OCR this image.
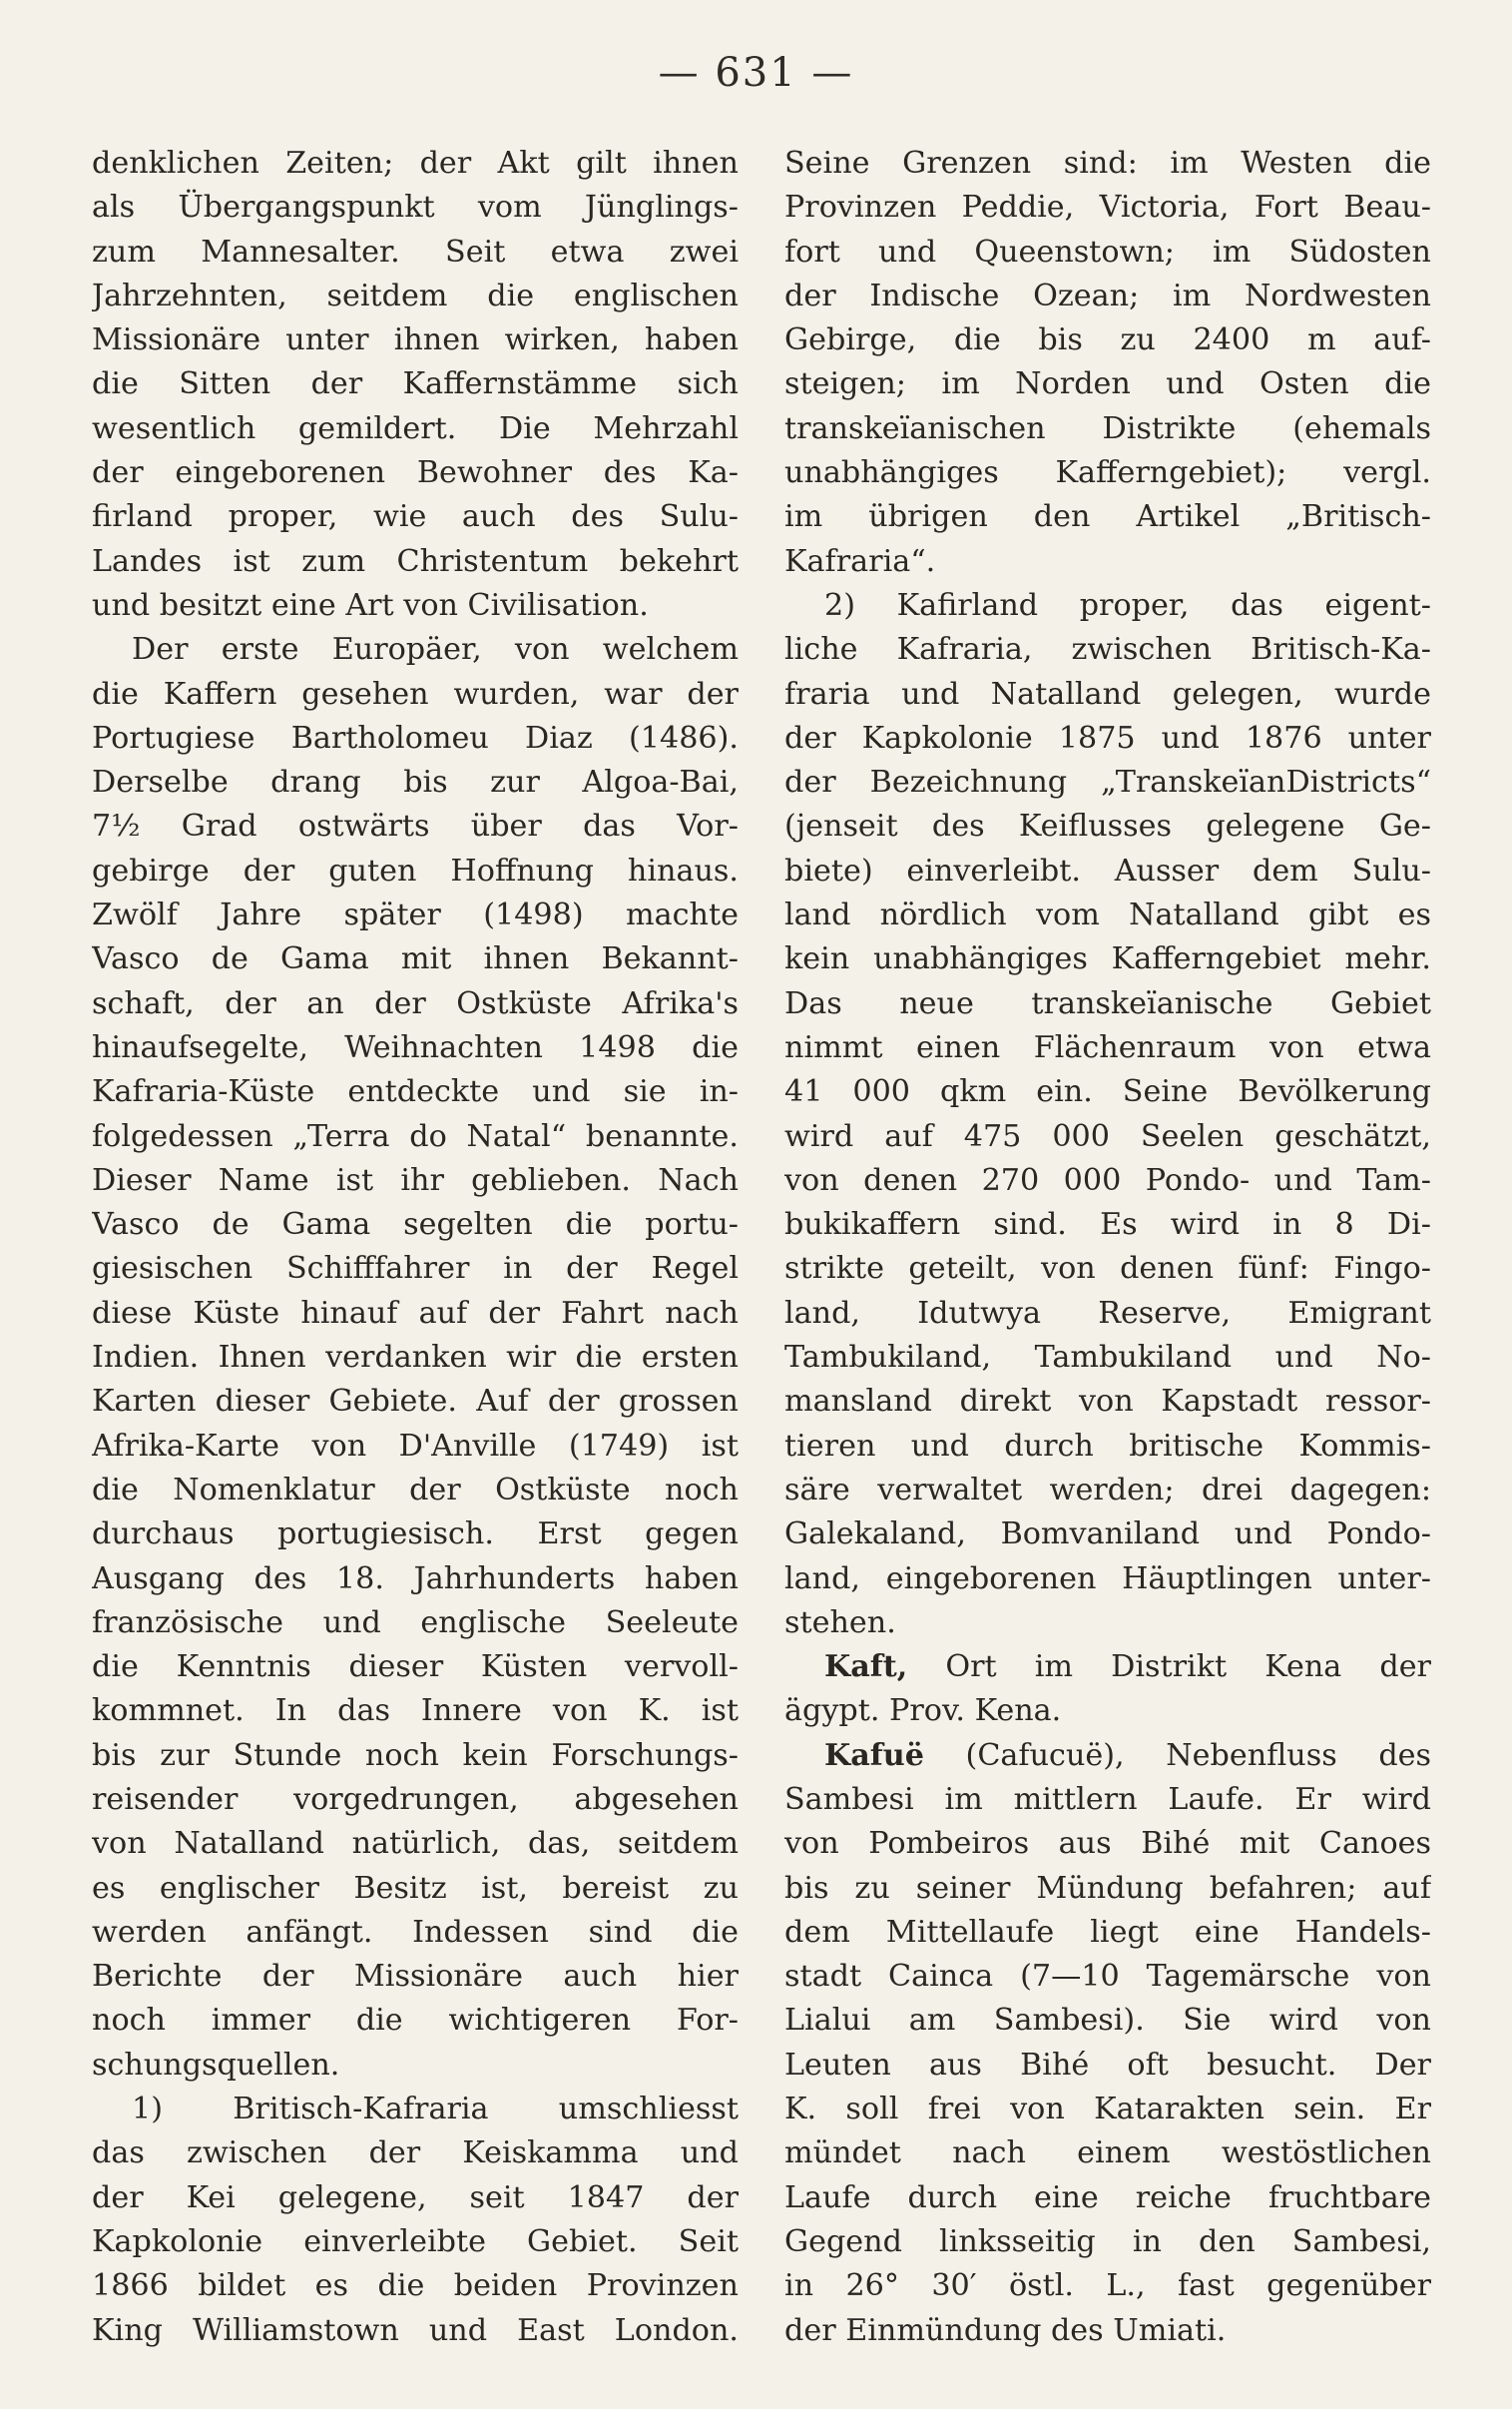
— 631 —
denklichen Zeiten; der Akt gilt ihnen
als Übergangspunkt vom Jünglings-
zum Mannesalter. Seit etwa zwei
Jahrzehnten, seitdem die englischen
Missionäre unter ihnen wirken, haben
die Sitten der Kaffernstämme sich
wesentlich gemildert. Die Mehrzahl
der eingeborenen Bewohner des Ka-
firland proper, wie auch des Sulu-
Landes ist zum Christentum bekehrt
und besitzt eine Art von Civilisation.
Der erste Europäer, von welchem
die Kaffern gesehen wurden, war der
Portugiese Bartholomeu Diaz (1486).
Derselbe drang bis zur Algoa-Bai,
7½ Grad ostwärts über das Vor-
gebirge der guten Hoffnung hinaus.
Zwölf Jahre später (1498) machte
Vasco de Gama mit ihnen Bekannt-
schaft, der an der Ostküste Afrika's
hinaufsegelte, Weihnachten 1498 die
Kafraria-Küste entdeckte und sie in-
folgedessen „Terra do Natal“ benannte.
Dieser Name ist ihr geblieben. Nach
Vasco de Gama segelten die portu-
giesischen Schifffahrer in der Regel
diese Küste hinauf auf der Fahrt nach
Indien. Ihnen verdanken wir die ersten
Karten dieser Gebiete. Auf der grossen
Afrika-Karte von D'Anville (1749) ist
die Nomenklatur der Ostküste noch
durchaus portugiesisch. Erst gegen
Ausgang des 18. Jahrhunderts haben
französische und englische Seeleute
die Kenntnis dieser Küsten vervoll-
kommnet. In das Innere von K. ist
bis zur Stunde noch kein Forschungs-
reisender vorgedrungen, abgesehen
von Natalland natürlich, das, seitdem
es englischer Besitz ist, bereist zu
werden anfängt. Indessen sind die
Berichte der Missionäre auch hier
noch immer die wichtigeren For-
schungsquellen.
1) Britisch-Kafraria umschliesst
das zwischen der Keiskamma und
der Kei gelegene, seit 1847 der
Kapkolonie einverleibte Gebiet. Seit
1866 bildet es die beiden Provinzen
King Williamstown und East London.
Seine Grenzen sind: im Westen die
Provinzen Peddie, Victoria, Fort Beau-
fort und Queenstown; im Südosten
der Indische Ozean; im Nordwesten
Gebirge, die bis zu 2400 m auf-
steigen; im Norden und Osten die
transkeïanischen Distrikte (ehemals
unabhängiges Kafferngebiet); vergl.
im übrigen den Artikel „Britisch-
Kafraria“.
2) Kafirland proper, das eigent-
liche Kafraria, zwischen Britisch-Ka-
fraria und Natalland gelegen, wurde
der Kapkolonie 1875 und 1876 unter
der Bezeichnung „TranskeïanDistricts“
(jenseit des Keiflusses gelegene Ge-
biete) einverleibt. Ausser dem Sulu-
land nördlich vom Natalland gibt es
kein unabhängiges Kafferngebiet mehr.
Das neue transkeïanische Gebiet
nimmt einen Flächenraum von etwa
41 000 qkm ein. Seine Bevölkerung
wird auf 475 000 Seelen geschätzt,
von denen 270 000 Pondo- und Tam-
bukikaffern sind. Es wird in 8 Di-
strikte geteilt, von denen fünf: Fingo-
land, Idutwya Reserve, Emigrant
Tambukiland, Tambukiland und No-
mansland direkt von Kapstadt ressor-
tieren und durch britische Kommis-
säre verwaltet werden; drei dagegen:
Galekaland, Bomvaniland und Pondo-
land, eingeborenen Häuptlingen unter-
stehen.
Kaft, Ort im Distrikt Kena der
ägypt. Prov. Kena.
Kafuë (Cafucuë), Nebenfluss des
Sambesi im mittlern Laufe. Er wird
von Pombeiros aus Bihé mit Canoes
bis zu seiner Mündung befahren; auf
dem Mittellaufe liegt eine Handels-
stadt Cainca (7—10 Tagemärsche von
Lialui am Sambesi). Sie wird von
Leuten aus Bihé oft besucht. Der
K. soll frei von Katarakten sein. Er
mündet nach einem westöstlichen
Laufe durch eine reiche fruchtbare
Gegend linksseitig in den Sambesi,
in 26° 30′ östl. L., fast gegenüber
der Einmündung des Umiati.
